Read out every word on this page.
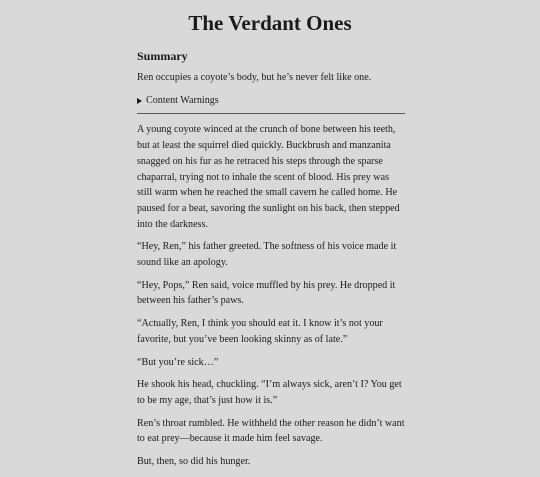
The Verdant Ones
Summary

Ren occupies a coyote’s body, but he’s never felt like one.

Content Warnings

A young coyote winced at the crunch of bone between his teeth, but at least the squirrel died quickly. Buckbrush and manzanita snagged on his fur as he retraced his steps through the sparse chaparral, trying not to inhale the scent of blood. His prey was still warm when he reached the small cavern he called home. He paused for a beat, savoring the sunlight on his back, then stepped into the darkness.

“Hey, Ren,” his father greeted. The softness of his voice made it sound like an apology.

“Hey, Pops,” Ren said, voice muffled by his prey. He dropped it between his father’s paws.

“Actually, Ren, I think you should eat it. I know it’s not your favorite, but you’ve been looking skinny as of late.”

“But you’re sick…”

He shook his head, chuckling. “I’m always sick, aren’t I? You get to be my age, that’s just how it is.”

Ren’s throat rumbled. He withheld the other reason he didn’t want to eat prey—because it made him feel savage.

But, then, so did his hunger.
